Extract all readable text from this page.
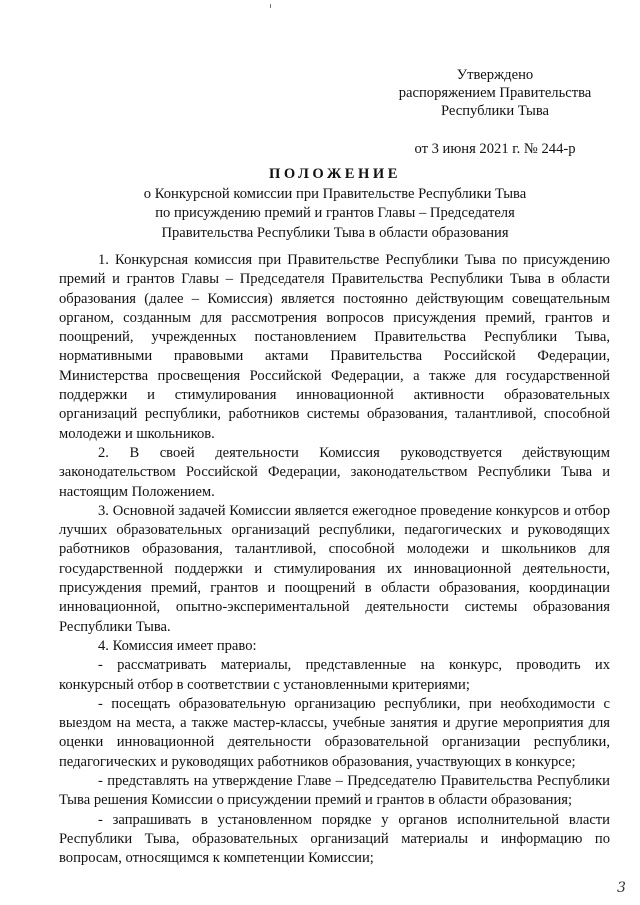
Утверждено
распоряжением Правительства
Республики Тыва
от 3 июня 2021 г. № 244-р
ПОЛОЖЕНИЕ
о Конкурсной комиссии при Правительстве Республики Тыва
по присуждению премий и грантов Главы – Председателя
Правительства Республики Тыва в области образования

1. Конкурсная комиссия при Правительстве Республики Тыва по присуждению премий и грантов Главы – Председателя Правительства Республики Тыва в области образования (далее – Комиссия) является постоянно действующим совещательным органом, созданным для рассмотрения вопросов присуждения премий, грантов и поощрений, учрежденных постановлением Правительства Республики Тыва, нормативными правовыми актами Правительства Российской Федерации, Министерства просвещения Российской Федерации, а также для государственной поддержки и стимулирования инновационной активности образовательных организаций республики, работников системы образования, талантливой, способной молодежи и школьников.

2. В своей деятельности Комиссия руководствуется действующим законодательством Российской Федерации, законодательством Республики Тыва и настоящим Положением.

3. Основной задачей Комиссии является ежегодное проведение конкурсов и отбор лучших образовательных организаций республики, педагогических и руководящих работников образования, талантливой, способной молодежи и школьников для государственной поддержки и стимулирования их инновационной деятельности, присуждения премий, грантов и поощрений в области образования, координации инновационной, опытно-экспериментальной деятельности системы образования Республики Тыва.

4. Комиссия имеет право:

- рассматривать материалы, представленные на конкурс, проводить их конкурсный отбор в соответствии с установленными критериями;

- посещать образовательную организацию республики, при необходимости с выездом на места, а также мастер-классы, учебные занятия и другие мероприятия для оценки инновационной деятельности образовательной организации республики, педагогических и руководящих работников образования, участвующих в конкурсе;

- представлять на утверждение Главе – Председателю Правительства Республики Тыва решения Комиссии о присуждении премий и грантов в области образования;

- запрашивать в установленном порядке у органов исполнительной власти Республики Тыва, образовательных организаций материалы и информацию по вопросам, относящимся к компетенции Комиссии;

3
